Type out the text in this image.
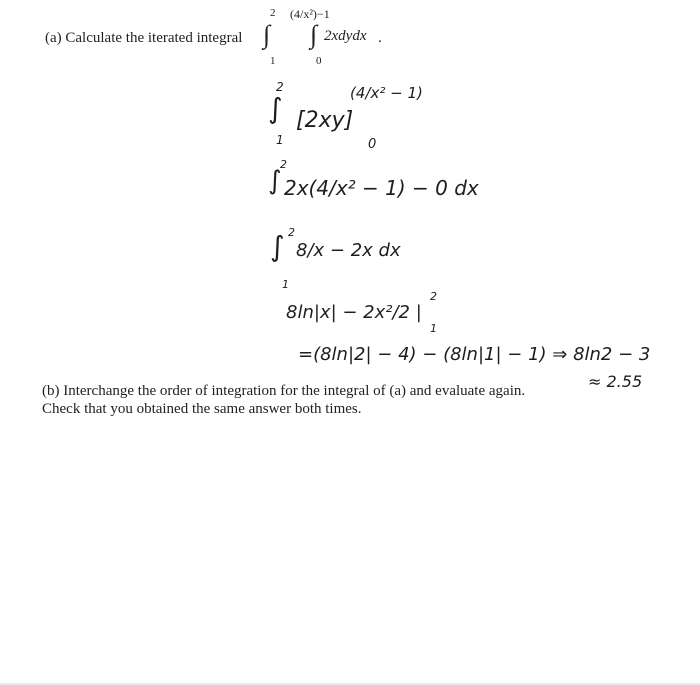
(a) Calculate the iterated integral
2
∫
1
(4/x²)−1
∫
0
2xdydx .
2
∫
1
[2xy]
(4/x² − 1)
0
2
∫ 2x(4/x² − 1) − 0 dx
2
∫
1
8/x − 2x dx
8ln|x| − 2x²/2 |
2
1
=(8ln|2| − 4) − (8ln|1| − 1) ⇒ 8ln2 − 3
≈ 2.55
(b) Interchange the order of integration for the integral of (a) and evaluate again.
Check that you obtained the same answer both times.
